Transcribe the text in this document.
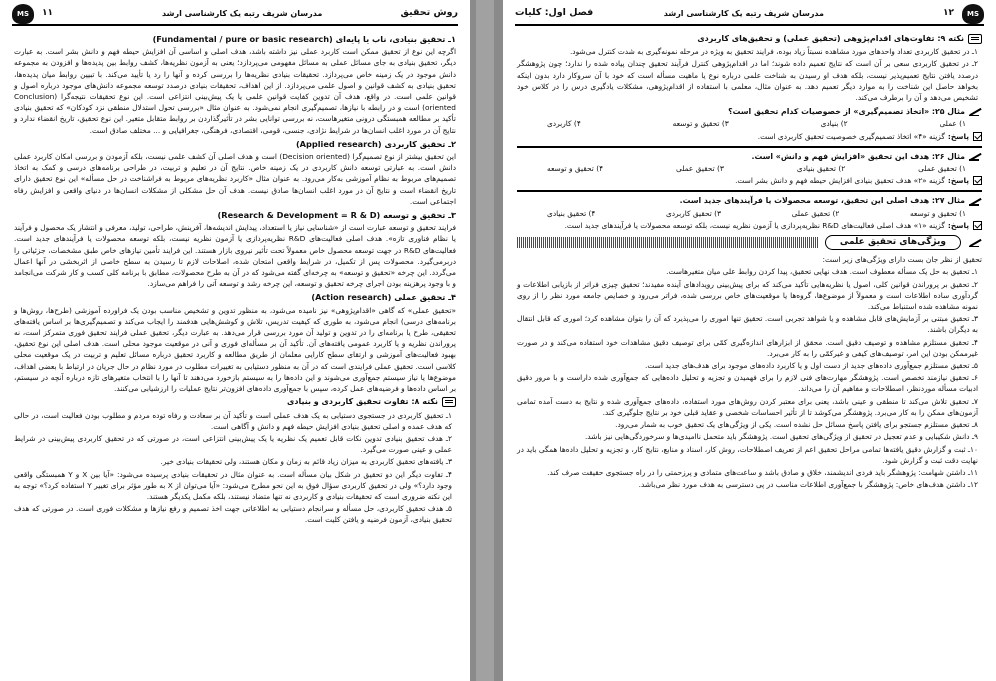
MS	۱۱	مدرسان شریف رتبه یک کارشناسی ارشد	روش تحقیق
۱ـ تحقیق بنیادی، ناب یا پایه‌ای (Fundamental / pure or basic research)

اگرچه این نوع از تحقیق ممکن است کاربرد عملی نیز داشته باشد، هدف اصلی و اساسی آن افزایش حیطه فهم و دانش بشر است. به عبارت دیگر، تحقیق بنیادی به جای مسائل عملی به مسائل مفهومی می‌پردازد؛ یعنی به آزمون نظریه‌ها، کشف روابط بین پدیده‌ها و افزودن به مجموعه دانش موجود در یک زمینه خاص می‌پردازد. تحقیقات بنیادی نظریه‌ها را بررسی کرده و آنها را رد یا تأیید می‌کند. با تبیین روابط میان پدیده‌ها، تحقیق بنیادی به کشف قوانین و اصول علمی می‌پردازد. از این اهداف، تحقیقات بنیادی درصدد توسعه مجموعه دانش‌های موجود درباره اصول و قوانین علمی است. در واقع، هدف آن تدوین کفایت قوانین علمی یا یک پیش‌بینی انتزاعی است. این نوع تحقیقات نتیجه‌گرا (Conclusion oriented) است و در رابطه با نیازها، تصمیم‌گیری انجام نمی‌شود. به عنوان مثال «بررسی تحول استدلال منطقی نزد کودکان» که تحقیق بنیادی تأکید بر مطالعه همبستگی درونی متغیرهاست، نه بررسی توانایی بشر در تأثیرگذاردن بر روابط متقابل متغیر. این نوع تحقیق، تاریخ انقضاء ندارد و نتایج آن در مورد اغلب انسان‌ها در شرایط نژادی، جنسی، قومی، اقتصادی، فرهنگی، جغرافیایی و ... مختلف صادق است.

۲ـ تحقیق کاربردی (Applied research)

این تحقیق بیشتر از نوع تصمیم‌گرا (Decision oriented) است و هدف اصلی آن کشف علمی نیست، بلکه آزمودن و بررسی امکان کاربرد عملی دانش است. به عبارتی توسعه دانش کاربردی در یک زمینه خاص. نتایج آن در تعلیم و تربیت، در طراحی برنامه‌های درسی و کمک به اتخاذ تصمیم‌های مربوط به نظام آموزشی به‌کار می‌رود. به عنوان مثال «کاربرد نظریه‌های مربوط به فراشناخت در حل مسأله» این نوع تحقیق دارای تاریخ انقضاء است و نتایج آن در مورد اغلب انسان‌ها صادق نیست. هدف آن حل مشکلی از مشکلات انسان‌ها در دنیای واقعی و افزایش رفاه اجتماعی است.

۳ـ تحقیق و توسعه (Research & Development = R & D)

فرایند تحقیق و توسعه عبارت است از «شناسایی نیاز یا استعداد، پیدایش اندیشه‌ها، آفرینش، طراحی، تولید، معرفی و انتشار یک محصول و فرآیند یا نظام فناوری تازه». هدف اصلی فعالیت‌های R&D نظریه‌پردازی یا آزمون نظریه نیست، بلکه توسعه محصولات یا فرآیندهای جدید است. فعالیت‌های R&D در جهت توسعه محصول خاص معمولاً تحت تأثیر نیروی بازار هستند. این فرایند تأمین نیازهای خاص طبق مشخصات، جزئیاتی را دربرمی‌گیرد. محصولات پس از تکمیل، در شرایط واقعی امتحان شده، اصلاحات لازم تا رسیدن به سطح خاصی از اثربخشی در آنها اعمال می‌گردد. این چرخه «تحقیق و توسعه» به چرخه‌ای گفته می‌شود که در آن به طرح محصولات، مطابق با برنامه کلی کسب و کار شرکت می‌انجامد و با وجود پرهزینه بودن اجرای چرخه تحقیق و توسعه، این چرخه رشد و توسعه آتی را فراهم می‌سازد.

۴ـ تحقیق عملی (Action research)

«تحقیق عملی» که گاهی «اقدام‌پژوهی» نیز نامیده می‌شود، به منظور تدوین و تشخیص مناسب بودن یک فراورده آموزشی (طرح‌ها، روش‌ها و برنامه‌های درسی) انجام می‌شود، به طوری که کیفیت تدریس، تلاش و کوشش‌هایی هدفمند را ایجاب می‌کند و تصمیم‌گیری‌ها بر اساس یافته‌های تحقیقی، طرح یا برنامه‌ای را در تدوین و تولید آن مورد بررسی قرار می‌دهد. به عبارت دیگر، تحقیق عملی فرایند تحقیق فوری متمرکز است، نه پروراندن نظریه و یا کاربرد عمومی یافته‌های آن. تأکید آن بر مسأله‌ای فوری و آنی در موقعیت موجود محلی است. هدف اصلی این نوع تحقیق، بهبود فعالیت‌های آموزشی و ارتقای سطح کارایی معلمان از طریق مطالعه و کاربرد تحقیق درباره مسائل تعلیم و تربیت در یک موقعیت محلی کلاسی است. تحقیق عملی فرایندی است که در آن به منظور دستیابی به تغییرات مطلوب در مورد نظام در حال جریان در ارتباط با بعضی اهداف، موضوع‌ها یا نیاز سیستم جمع‌آوری می‌شوند و این داده‌ها را به سیستم بازخورد می‌دهند تا آنها را با انتخاب متغیرهای تازه درباره آنچه در سیستم، بر اساس داده‌ها و فرضیه‌های عمل کرده، سپس با جمع‌آوری داده‌های افزون‌تر نتایج عملیات را ارزشیابی می‌کنند.

نکته ۸: تفاوت تحقیق کاربردی و بنیادی
۱ـ تحقیق کاربردی در جستجوی دستیابی به یک هدف عملی است و تأکید آن بر سعادت و رفاه توده مردم و مطلوب بودن فعالیت است، در حالی که هدف عمده و اصلی تحقیق بنیادی افزایش حیطه فهم و دانش و آگاهی است.
۲ـ هدف تحقیق بنیادی تدوین نکات قابل تعمیم یک نظریه یا یک پیش‌بینی انتزاعی است، در صورتی که در تحقیق کاربردی پیش‌بینی در شرایط عملی و عینی صورت می‌گیرد.
۳ـ یافته‌های تحقیق کاربردی به میزان زیاد قائم به زمان و مکان هستند، ولی تحقیقات بنیادی خیر.
۴ـ تفاوت دیگر این دو تحقیق در شکل بیان مسأله است. به عنوان مثال در تحقیقات بنیادی پرسیده می‌شود: «آیا بین X و Y همبستگی واقعی وجود دارد؟» ولی در تحقیق کاربردی سؤال فوق به این نحو مطرح می‌شود: «آیا می‌توان از X به طور مؤثر برای تغییر Y استفاده کرد؟» توجه به این نکته ضروری است که تحقیقات بنیادی و کاربردی نه تنها متضاد نیستند، بلکه مکمل یکدیگر هستند.
۵ـ هدف تحقیق کاربردی، حل مسأله و سرانجام دستیابی به اطلاعاتی جهت اخذ تصمیم و رفع نیازها و مشکلات فوری است. در صورتی که هدف تحقیق بنیادی، آزمون فرضیه و یافتن کلیت است.
MS
۱۲
مدرسان شریف رتبه یک کارشناسی ارشد
فصل اول: کلیات
نکته ۹: تفاوت‌های اقدام‌پژوهی (تحقیق عملی) و تحقیق‌های کاربردی
۱ـ در تحقیق کاربردی تعداد واحدهای مورد مشاهده نسبتاً زیاد بوده، فرایند تحقیق به ویژه در مرحله نمونه‌گیری به شدت کنترل می‌شود.
۲ـ در تحقیق کاربردی سعی بر آن است که نتایج تعمیم داده شوند؛ اما در اقدام‌پژوهی کنترل فرآیند تحقیق چندان پیاده شده را ندارد؛ چون پژوهشگر درصدد یافتن نتایج تعمیم‌پذیر نیست، بلکه هدف او رسیدن به شناخت علمی درباره نوع یا ماهیت مسأله است که خود با آن سروکار دارد بدون اینکه بخواهد حاصل این شناخت را به موارد دیگر تعمیم دهد. به عنوان مثال، معلمی با استفاده از اقدام‌پژوهی، مشکلات یادگیری درس را در کلاس خود تشخیص می‌دهد و آن را برطرف می‌کند.
مثال ۲۵: «اتخاذ تصمیم‌گیری» از خصوصیات کدام تحقیق است؟
۱) عملی
۲) بنیادی
۳) تحقیق و توسعه
۴) کاربردی
پاسخ:گزینه «۴» اتخاذ تصمیم‌گیری خصوصیت تحقیق کاربردی است.
مثال ۲۶: هدف این تحقیق «افزایش فهم و دانش» است.
۱) تحقیق عملی
۲) تحقیق بنیادی
۳) تحقیق عملی
۴) تحقیق و توسعه
پاسخ:گزینه «۲» هدف تحقیق بنیادی افزایش حیطه فهم و دانش بشر است.
مثال ۲۷: هدف اصلی این تحقیق، توسعه محصولات یا فرآیندهای جدید است.
۱) تحقیق و توسعه
۲) تحقیق عملی
۳) تحقیق کاربردی
۴) تحقیق بنیادی
پاسخ:گزینه «۱» هدف اصلی فعالیت‌های R&D نظریه‌پردازی یا آزمون نظریه نیست، بلکه توسعه محصولات یا فرآیندهای جدید است.
ویژگی‌های تحقیق علمی

تحقیق از نظر جان بست دارای ویژگی‌های زیر است:

۱ـ تحقیق به حل یک مسأله معطوف است. هدف نهایی تحقیق، پیدا کردن روابط علی میان متغیرهاست.
۲ـ تحقیق بر پروراندن قوانین کلی، اصول یا نظریه‌هایی تأکید می‌کند که برای پیش‌بینی رویدادهای آینده مفیدند؛ تحقیق چیزی فراتر از بازیابی اطلاعات و گردآوری ساده اطلاعات است و معمولاً از موضوع‌ها، گروه‌ها یا موقعیت‌های خاص بررسی شده، فراتر می‌رود و خصایص جامعه مورد نظر را از روی نمونه مشاهده شده استنباط می‌کند.
۳ـ تحقیق مبتنی بر آزمایش‌های قابل مشاهده و یا شواهد تجربی است. تحقیق تنها اموری را می‌پذیرد که آن را بتوان مشاهده کرد؛ اموری که قابل انتقال به دیگران باشند.
۴ـ تحقیق مستلزم مشاهده و توصیف دقیق است. محقق از ابزارهای اندازه‌گیری کمّی برای توصیف دقیق مشاهدات خود استفاده می‌کند و در صورت غیرممکن بودن این امر، توصیف‌های کیفی و غیرکمّی را به کار می‌برد.
۵ـ تحقیق مستلزم جمع‌آوری داده‌های جدید از دست اول و یا کاربرد داده‌های موجود برای هدف‌های جدید است.
۶ـ تحقیق نیازمند تخصص است. پژوهشگر مهارت‌های فنی لازم را برای فهمیدن و تجزیه و تحلیل داده‌هایی که جمع‌آوری شده داراست و با مرور دقیق ادبیات مسأله موردنظر، اصطلاحات و مفاهیم آن را می‌داند.
۷ـ تحقیق تلاش می‌کند تا منطقی و عینی باشد، یعنی برای معتبر کردن روش‌های مورد استفاده، داده‌های جمع‌آوری شده و نتایج به دست آمده تمامی آزمون‌های ممکن را به کار می‌برد. پژوهشگر می‌کوشد تا از تأثیر احساسات شخصی و عقاید قبلی خود بر نتایج جلوگیری کند.
۸ـ تحقیق مستلزم جستجو برای یافتن پاسخ مسائل حل نشده است. یکی از ویژگی‌های یک تحقیق خوب به شمار می‌رود.
۹ـ دانش شکیبایی و عدم تعجیل در تحقیق از ویژگی‌های تحقیق است. پژوهشگر باید متحمل ناامیدی‌ها و سرخوردگی‌هایی نیز باشد.
۱۰ـ ثبت و گزارش دقیق یافته‌ها تمامی مراحل تحقیق اعم از تعریف اصطلاحات، روش کار، اسناد و منابع، نتایج کار، و تجزیه و تحلیل داده‌ها همگی باید در نهایت دقت ثبت و گزارش شود.
۱۱ـ داشتن شهامت: پژوهشگر باید فردی اندیشمند، خلاق و صادق باشد و ساعت‌های متمادی و پرزحمتی را در راه جستجوی حقیقت صرف کند.
۱۲ـ داشتن هدف‌های خاص: پژوهشگر با جمع‌آوری اطلاعات مناسب در پی دسترسی به هدف مورد نظر می‌باشد.
